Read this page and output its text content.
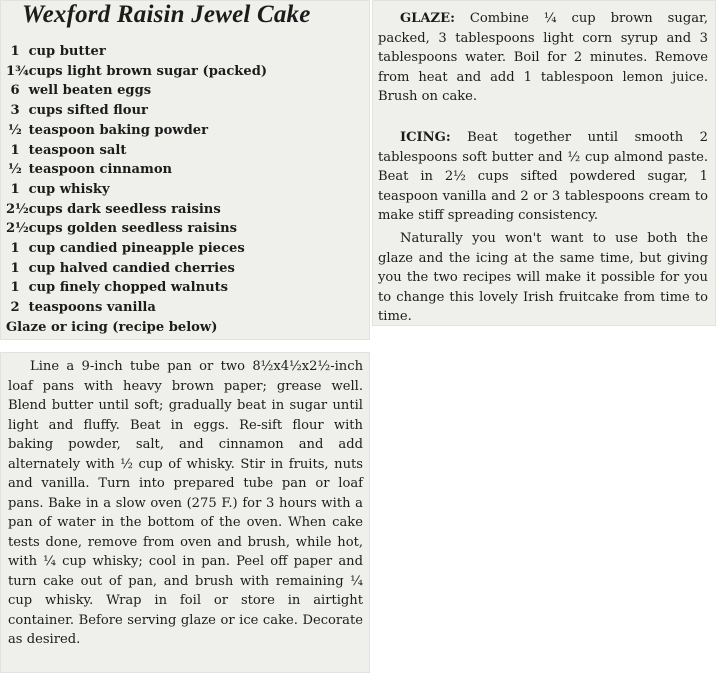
Wexford Raisin Jewel Cake
1 cup butter
1¾ cups light brown sugar (packed)
6 well beaten eggs
3 cups sifted flour
½ teaspoon baking powder
1 teaspoon salt
½ teaspoon cinnamon
1 cup whisky
2½ cups dark seedless raisins
2½ cups golden seedless raisins
1 cup candied pineapple pieces
1 cup halved candied cherries
1 cup finely chopped walnuts
2 teaspoons vanilla
Glaze or icing (recipe below)

Line a 9-inch tube pan or two 8½x4½x2½-inch loaf pans with heavy brown paper; grease well. Blend butter until soft; gradually beat in sugar until light and fluffy. Beat in eggs. Re-sift flour with baking powder, salt, and cinnamon and add alternately with ½ cup of whisky. Stir in fruits, nuts and vanilla. Turn into prepared tube pan or loaf pans. Bake in a slow oven (275 F.) for 3 hours with a pan of water in the bottom of the oven. When cake tests done, remove from oven and brush, while hot, with ¼ cup whisky; cool in pan. Peel off paper and turn cake out of pan, and brush with remaining ¼ cup whisky. Wrap in foil or store in airtight container. Before serving glaze or ice cake. Decorate as desired.

GLAZE: Combine ¼ cup brown sugar, packed, 3 tablespoons light corn syrup and 3 tablespoons water. Boil for 2 minutes. Remove from heat and add 1 tablespoon lemon juice. Brush on cake.

ICING: Beat together until smooth 2 tablespoons soft butter and ½ cup almond paste. Beat in 2½ cups sifted powdered sugar, 1 teaspoon vanilla and 2 or 3 tablespoons cream to make stiff spreading consistency.

Naturally you won't want to use both the glaze and the icing at the same time, but giving you the two recipes will make it possible for you to change this lovely Irish fruitcake from time to time.
